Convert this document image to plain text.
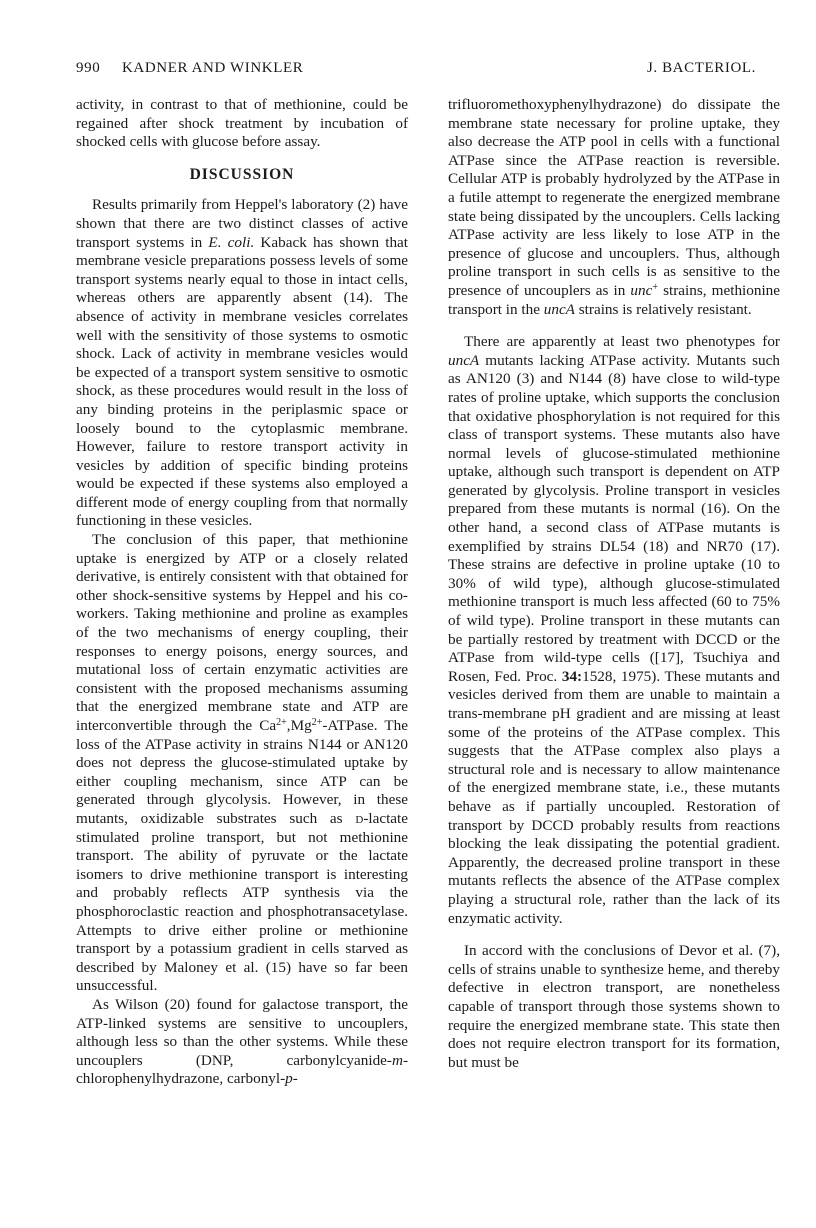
990 KADNER AND WINKLER	J. BACTERIOL.

activity, in contrast to that of methionine, could be regained after shock treatment by incubation of shocked cells with glucose before assay.

DISCUSSION

Results primarily from Heppel's laboratory (2) have shown that there are two distinct classes of active transport systems in E. coli. Kaback has shown that membrane vesicle preparations possess levels of some transport systems nearly equal to those in intact cells, whereas others are apparently absent (14). The absence of activity in membrane vesicles correlates well with the sensitivity of those systems to osmotic shock. Lack of activity in membrane vesicles would be expected of a transport system sensitive to osmotic shock, as these procedures would result in the loss of any binding proteins in the periplasmic space or loosely bound to the cytoplasmic membrane. However, failure to restore transport activity in vesicles by addition of specific binding proteins would be expected if these systems also employed a different mode of energy coupling from that normally functioning in these vesicles.

The conclusion of this paper, that methionine uptake is energized by ATP or a closely related derivative, is entirely consistent with that obtained for other shock-sensitive systems by Heppel and his co-workers. Taking methionine and proline as examples of the two mechanisms of energy coupling, their responses to energy poisons, energy sources, and mutational loss of certain enzymatic activities are consistent with the proposed mechanisms assuming that the energized membrane state and ATP are interconvertible through the $Ca^{2+},Mg^{2+}$-ATPase. The loss of the ATPase activity in strains N144 or AN120 does not depress the glucose-stimulated uptake by either coupling mechanism, since ATP can be generated through glycolysis. However, in these mutants, oxidizable substrates such as d-lactate stimulated proline transport, but not methionine transport. The ability of pyruvate or the lactate isomers to drive methionine transport is interesting and probably reflects ATP synthesis via the phosphoroclastic reaction and phosphotransacetylase. Attempts to drive either proline or methionine transport by a potassium gradient in cells starved as described by Maloney et al. (15) have so far been unsuccessful.

As Wilson (20) found for galactose transport, the ATP-linked systems are sensitive to uncouplers, although less so than the other systems. While these uncouplers (DNP, carbonylcyanide-m-chlorophenylhydrazone, carbonyl-p-

trifluoromethoxyphenylhydrazone) do dissipate the membrane state necessary for proline uptake, they also decrease the ATP pool in cells with a functional ATPase since the ATPase reaction is reversible. Cellular ATP is probably hydrolyzed by the ATPase in a futile attempt to regenerate the energized membrane state being dissipated by the uncouplers. Cells lacking ATPase activity are less likely to lose ATP in the presence of glucose and uncouplers. Thus, although proline transport in such cells is as sensitive to the presence of uncouplers as in unc+ strains, methionine transport in the uncA strains is relatively resistant.

There are apparently at least two phenotypes for uncA mutants lacking ATPase activity. Mutants such as AN120 (3) and N144 (8) have close to wild-type rates of proline uptake, which supports the conclusion that oxidative phosphorylation is not required for this class of transport systems. These mutants also have normal levels of glucose-stimulated methionine uptake, although such transport is dependent on ATP generated by glycolysis. Proline transport in vesicles prepared from these mutants is normal (16). On the other hand, a second class of ATPase mutants is exemplified by strains DL54 (18) and NR70 (17). These strains are defective in proline uptake (10 to 30% of wild type), although glucose-stimulated methionine transport is much less affected (60 to 75% of wild type). Proline transport in these mutants can be partially restored by treatment with DCCD or the ATPase from wild-type cells ([17], Tsuchiya and Rosen, Fed. Proc. 34:1528, 1975). These mutants and vesicles derived from them are unable to maintain a trans-membrane pH gradient and are missing at least some of the proteins of the ATPase complex. This suggests that the ATPase complex also plays a structural role and is necessary to allow maintenance of the energized membrane state, i.e., these mutants behave as if partially uncoupled. Restoration of transport by DCCD probably results from reactions blocking the leak dissipating the potential gradient. Apparently, the decreased proline transport in these mutants reflects the absence of the ATPase complex playing a structural role, rather than the lack of its enzymatic activity.

In accord with the conclusions of Devor et al. (7), cells of strains unable to synthesize heme, and thereby defective in electron transport, are nonetheless capable of transport through those systems shown to require the energized membrane state. This state then does not require electron transport for its formation, but must be
